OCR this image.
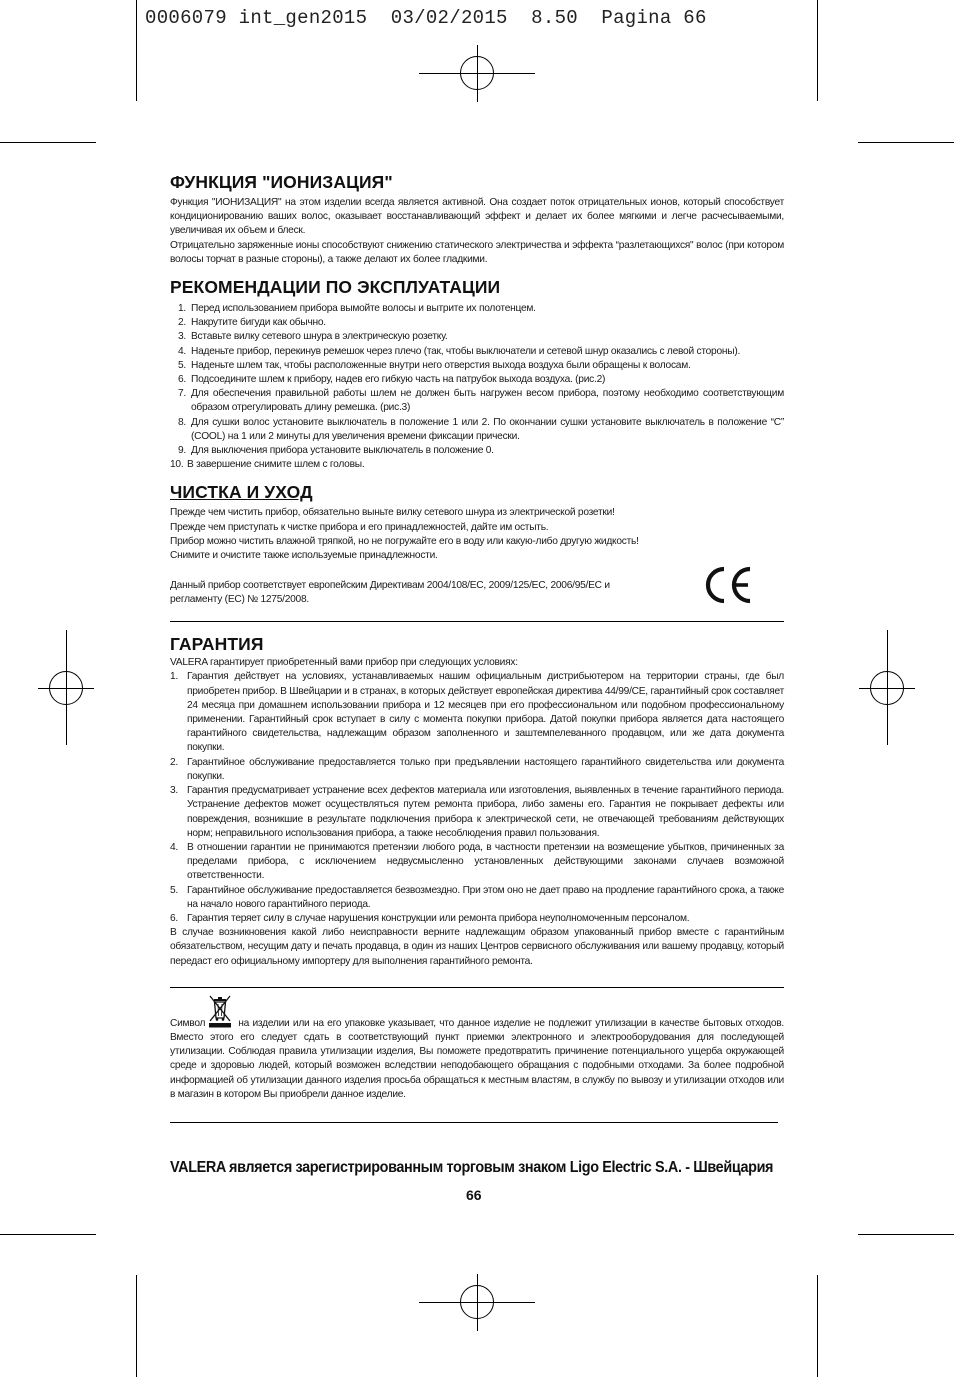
0006079 int_gen2015  03/02/2015  8.50  Pagina 66
ФУНКЦИЯ "ИОНИЗАЦИЯ"

Функция "ИОНИЗАЦИЯ" на этом изделии всегда является активной. Она создает поток отрицательных ионов, который способствует кондиционированию ваших волос, оказывает восстанавливающий эффект и делает их более мягкими и легче расчесываемыми, увеличивая их объем и блеск.

Отрицательно заряженные ионы способствуют снижению статического электричества и эффекта “разлетающихся" волос (при котором волосы торчат в разные стороны), а также делают их более гладкими.

РЕКОМЕНДАЦИИ ПО ЭКСПЛУАТАЦИИ
1. Перед использованием прибора вымойте волосы и вытрите их полотенцем.
2. Накрутите бигуди как обычно.
3. Вставьте вилку сетевого шнура в электрическую розетку.
4. Наденьте прибор, перекинув ремешок через плечо (так, чтобы выключатели и сетевой шнур оказались с левой стороны).
5. Наденьте шлем так, чтобы расположенные внутри него отверстия выхода воздуха были обращены к волосам.
6. Подсоедините шлем к прибору, надев его гибкую часть на патрубок выхода воздуха. (рис.2)
7. Для обеспечения правильной работы шлем не должен быть нагружен весом прибора, поэтому необходимо соответствующим образом отрегулировать длину ремешка. (рис.3)
8. Для сушки волос установите выключатель в положение 1 или 2. По окончании сушки установите выключатель в положение “C” (COOL) на 1 или 2 минуты для увеличения времени фиксации прически.
9. Для выключения прибора установите выключатель в положение 0.
10. В завершение снимите шлем с головы.
ЧИСТКА И УХОД

Прежде чем чистить прибор, обязательно выньте вилку сетевого шнура из электрической розетки!

Прежде чем приступать к чистке прибора и его принадлежностей, дайте им остыть.

Прибор можно чистить влажной тряпкой, но не погружайте его в воду или какую-либо другую жидкость!

Снимите и очистите также используемые принадлежности.

Данный прибор соответствует европейским Директивам 2004/108/EC, 2009/125/EC, 2006/95/EC и регламенту (EC) № 1275/2008.

ГАРАНТИЯ

VALERA гарантирует приобретенный вами прибор при следующих условиях:

1. Гарантия действует на условиях, устанавливаемых нашим официальным дистрибьютером на территории страны, где был приобретен прибор. В Швейцарии и в странах, в которых действует европейская директива 44/99/CE, гарантийный срок составляет 24 месяца при домашнем использовании прибора и 12 месяцев при его профессиональном или подобном профессиональному применении. Гарантийный срок вступает в силу с момента покупки прибора. Датой покупки прибора является дата настоящего гарантийного свидетельства, надлежащим образом заполненного и заштемпелеванного продавцом, или же дата документа покупки.
2. Гарантийное обслуживание предоставляется только при предъявлении настоящего гарантийного свидетельства или документа покупки.
3. Гарантия предусматривает устранение всех дефектов материала или изготовления, выявленных в течение гарантийного периода. Устранение дефектов может осуществляться путем ремонта прибора, либо замены его. Гарантия не покрывает дефекты или повреждения, возникшие в результате подключения прибора к электрической сети, не отвечающей требованиям действующих норм; неправильного использования прибора, а также несоблюдения правил пользования.
4. В отношении гарантии не принимаются претензии любого рода, в частности претензии на возмещение убытков, причиненных за пределами прибора, с исключением недвусмысленно установленных действующими законами случаев возможной ответственности.
5. Гарантийное обслуживание предоставляется безвозмездно. При этом оно не дает право на продление гарантийного срока, а также на начало нового гарантийного периода.
6. Гарантия теряет силу в случае нарушения конструкции или ремонта прибора неуполномоченным персоналом.

В случае возникновения какой либо неисправности верните надлежащим образом упакованный прибор вместе с гарантийным обязательством, несущим дату и печать продавца, в один из наших Центров сервисного обслуживания или вашему продавцу, который передаст его официальному импортеру для выполнения гарантийного ремонта.

Символ	на изделии или на его упаковке указывает, что данное изделие не подлежит утилизации в качестве бытовых отходов. Вместо этого его следует сдать в соответствующий пункт приемки электронного и электрооборудования для последующей утилизации. Соблюдая правила утилизации изделия, Вы поможете предотвратить причинение потенциального ущерба окружающей среде и здоровью людей, который возможен вследствии неподобающего обращания с подобными отходами. За более подробной информацией об утилизации данного изделия просьба обращаться к местным властям, в службу по вывозу и утилизации отходов или в магазин в котором Вы приобрели данное изделие.

VALERA является зарегистрированным торговым знаком Ligo Electric S.A. - Швейцария
66
